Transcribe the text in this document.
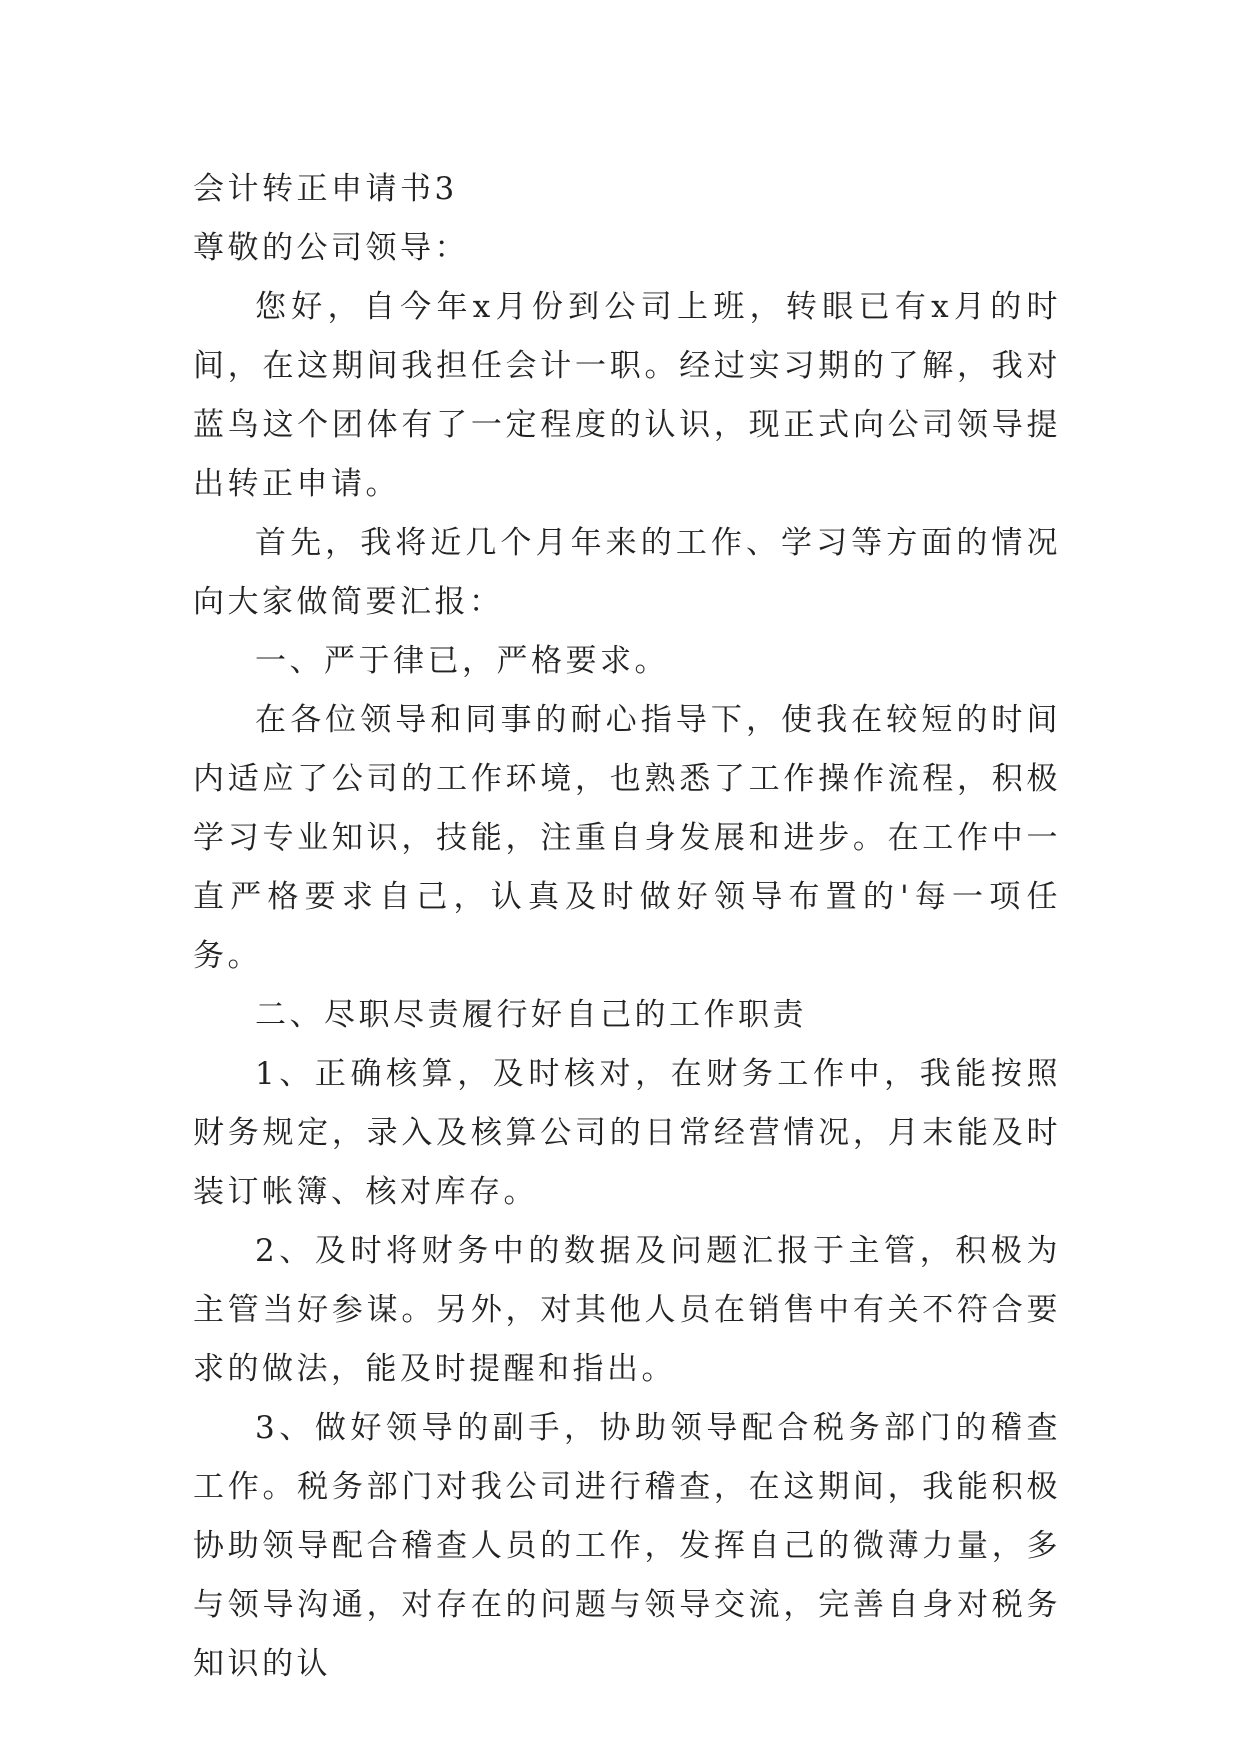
会计转正申请书3

尊敬的公司领导：

您好，自今年x月份到公司上班，转眼已有x月的时间，在这期间我担任会计一职。经过实习期的了解，我对蓝鸟这个团体有了一定程度的认识，现正式向公司领导提出转正申请。

首先，我将近几个月年来的工作、学习等方面的情况向大家做简要汇报：

一、严于律已，严格要求。

在各位领导和同事的耐心指导下，使我在较短的时间内适应了公司的工作环境，也熟悉了工作操作流程，积极学习专业知识，技能，注重自身发展和进步。在工作中一直严格要求自己，认真及时做好领导布置的'每一项任务。

二、尽职尽责履行好自己的工作职责

1、正确核算，及时核对，在财务工作中，我能按照财务规定，录入及核算公司的日常经营情况，月末能及时装订帐簿、核对库存。

2、及时将财务中的数据及问题汇报于主管，积极为主管当好参谋。另外，对其他人员在销售中有关不符合要求的做法，能及时提醒和指出。

3、做好领导的副手，协助领导配合税务部门的稽查工作。税务部门对我公司进行稽查，在这期间，我能积极协助领导配合稽查人员的工作，发挥自己的微薄力量，多与领导沟通，对存在的问题与领导交流，完善自身对税务知识的认
